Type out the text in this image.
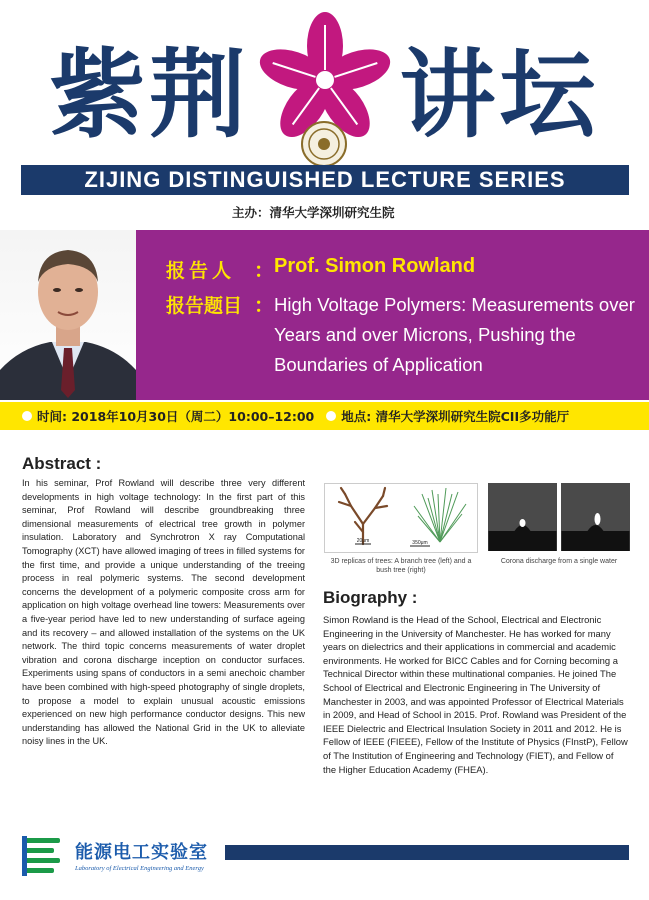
紫荆 讲坛
ZIJING DISTINGUISHED LECTURE SERIES
主办：清华大学深圳研究生院
报告人 ： Prof. Simon Rowland
报告题目 ： High Voltage Polymers: Measurements over Years and over Microns, Pushing the Boundaries of Application
时间: 2018年10月30日（周二）10:00–12:00 地点: 清华大学深圳研究生院CII多功能厅
Abstract :
In his seminar, Prof Rowland will describe three very different developments in high voltage technology: In the first part of this seminar, Prof Rowland will describe groundbreaking three dimensional measurements of electrical tree growth in polymer insulation. Laboratory and Synchrotron X ray Computational Tomography (XCT) have allowed imaging of trees in filled systems for the first time, and provide a unique understanding of the treeing process in real polymeric systems. The second development concerns the development of a polymeric composite cross arm for application on high voltage overhead line towers: Measurements over a five-year period have led to new understanding of surface ageing and its recovery – and allowed installation of the systems on the UK network. The third topic concerns measurements of water droplet vibration and corona discharge inception on conductor surfaces. Experiments using spans of conductors in a semi anechoic chamber have been combined with high-speed photography of single droplets, to propose a model to explain unusual acoustic emissions experienced on new high performance conductor designs. This new understanding has allowed the National Grid in the UK to alleviate noisy lines in the UK.
20μm	350μm
3D replicas of trees: A branch tree (left) and a bush tree (right)
Corona discharge from a single water
Biography :
Simon Rowland is the Head of the School, Electrical and Electronic Engineering in the University of Manchester. He has worked for many years on dielectrics and their applications in commercial and academic environments. He worked for BICC Cables and for Corning becoming a Technical Director within these multinational companies. He joined The School of Electrical and Electronic Engineering in The University of Manchester in 2003, and was appointed Professor of Electrical Materials in 2009, and Head of School in 2015. Prof. Rowland was President of the IEEE Dielectric and Electrical Insulation Society in 2011 and 2012. He is Fellow of IEEE (FIEEE), Fellow of the Institute of Physics (FInstP), Fellow of The Institution of Engineering and Technology (FIET), and Fellow of the Higher Education Academy (FHEA).
能源电工实验室
Laboratory of Electrical Engineering and Energy
